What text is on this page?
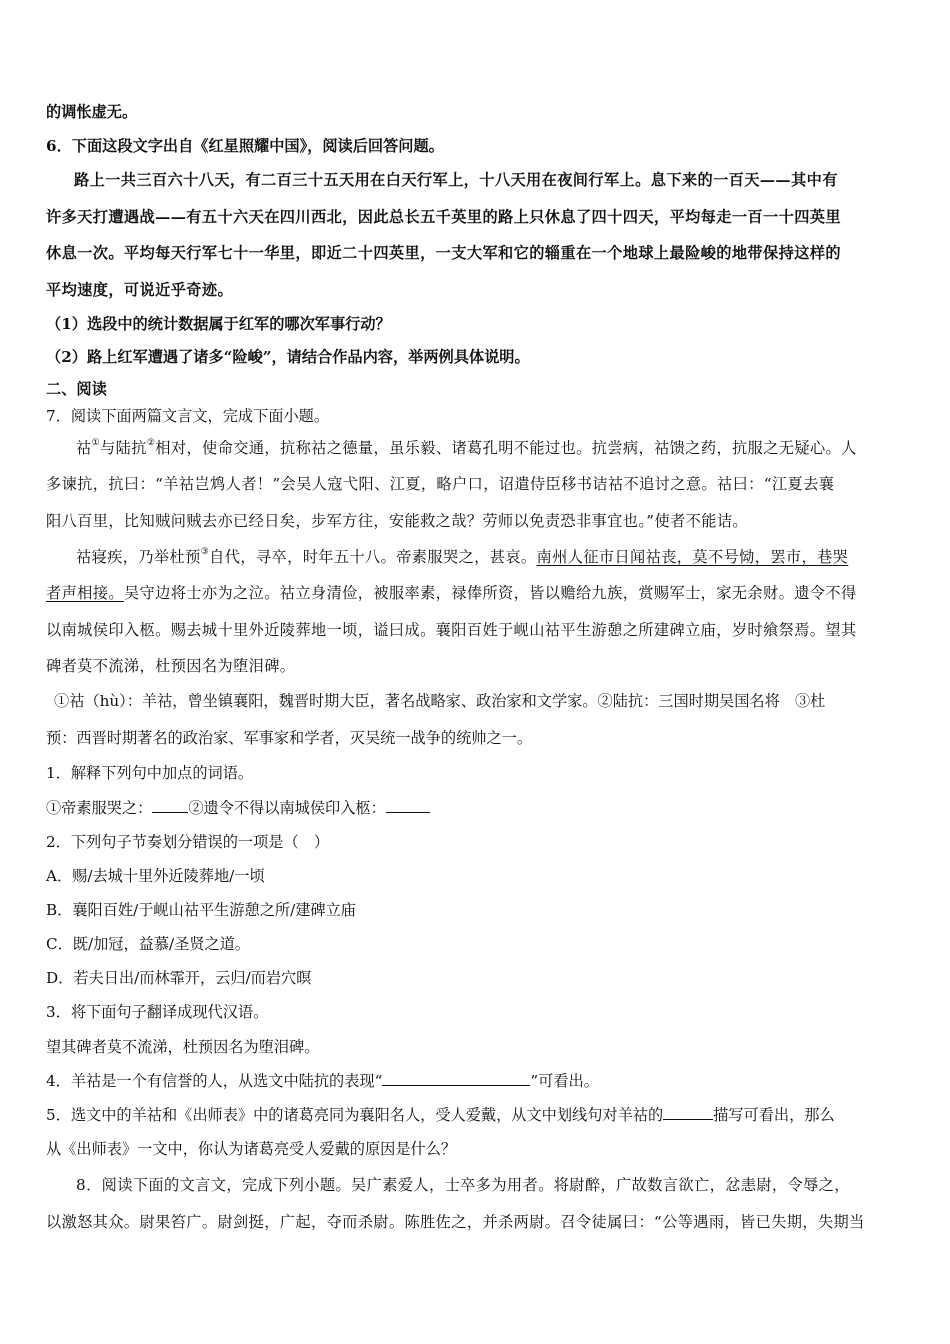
的调怅虚无。
6．下面这段文字出自《红星照耀中国》，阅读后回答问题。
路上一共三百六十八天，有二百三十五天用在白天行军上，十八天用在夜间行军上。息下来的一百天——其中有
许多天打遭遇战——有五十六天在四川西北，因此总长五千英里的路上只休息了四十四天，平均每走一百一十四英里
休息一次。平均每天行军七十一华里，即近二十四英里，一支大军和它的辎重在一个地球上最险峻的地带保持这样的
平均速度，可说近乎奇迹。
（1）选段中的统计数据属于红军的哪次军事行动？
（2）路上红军遭遇了诸多“险峻”，请结合作品内容，举两例具体说明。
二、阅读
7．阅读下面两篇文言文，完成下面小题。
祜①与陆抗②相对，使命交通，抗称祜之德量，虽乐毅、诸葛孔明不能过也。抗尝病，祜馈之药，抗服之无疑心。人
多谏抗，抗曰：“羊祜岂鸩人者！”会吴人寇弋阳、江夏，略户口，诏遣侍臣移书诘祜不追讨之意。祜曰：“江夏去襄
阳八百里，比知贼问贼去亦已经日矣，步军方往，安能救之哉？劳师以免责恐非事宜也。”使者不能诘。
祜寝疾，乃举杜预③自代，寻卒，时年五十八。帝素服哭之，甚哀。南州人征市日闻祜丧，莫不号恸，罢市，巷哭
者声相接。吴守边将士亦为之泣。祜立身清俭，被服率素，禄俸所资，皆以赡给九族，赏赐军士，家无余财。遗令不得
以南城侯印入柩。赐去城十里外近陵葬地一顷，谥曰成。襄阳百姓于岘山祜平生游憩之所建碑立庙，岁时飨祭焉。望其
碑者莫不流涕，杜预因名为堕泪碑。
①祜（hù）：羊祜，曾坐镇襄阳，魏晋时期大臣，著名战略家、政治家和文学家。②陆抗：三国时期吴国名将　③杜
预：西晋时期著名的政治家、军事家和学者，灭吴统一战争的统帅之一。
1．解释下列句中加点的词语。
①帝素服哭之： ②遗令不得以南城侯印入柩：
2．下列句子节奏划分错误的一项是（　）
A．赐/去城十里外近陵葬地/一顷
B．襄阳百姓/于岘山祜平生游憩之所/建碑立庙
C．既/加冠，益慕/圣贤之道。
D．若夫日出/而林霏开，云归/而岩穴暝
3．将下面句子翻译成现代汉语。
望其碑者莫不流涕，杜预因名为堕泪碑。
4．羊祜是一个有信誉的人，从选文中陆抗的表现“	”可看出。
5．选文中的羊祜和《出师表》中的诸葛亮同为襄阳名人，受人爱戴，从文中划线句对羊祜的	描写可看出，那么
从《出师表》一文中，你认为诸葛亮受人爱戴的原因是什么？
8．阅读下面的文言文，完成下列小题。吴广素爱人，士卒多为用者。将尉醉，广故数言欲亡，忿恚尉，令辱之，
以激怒其众。尉果笞广。尉剑挺，广起，夺而杀尉。陈胜佐之，并杀两尉。召令徒属曰：“公等遇雨，皆已失期，失期当
